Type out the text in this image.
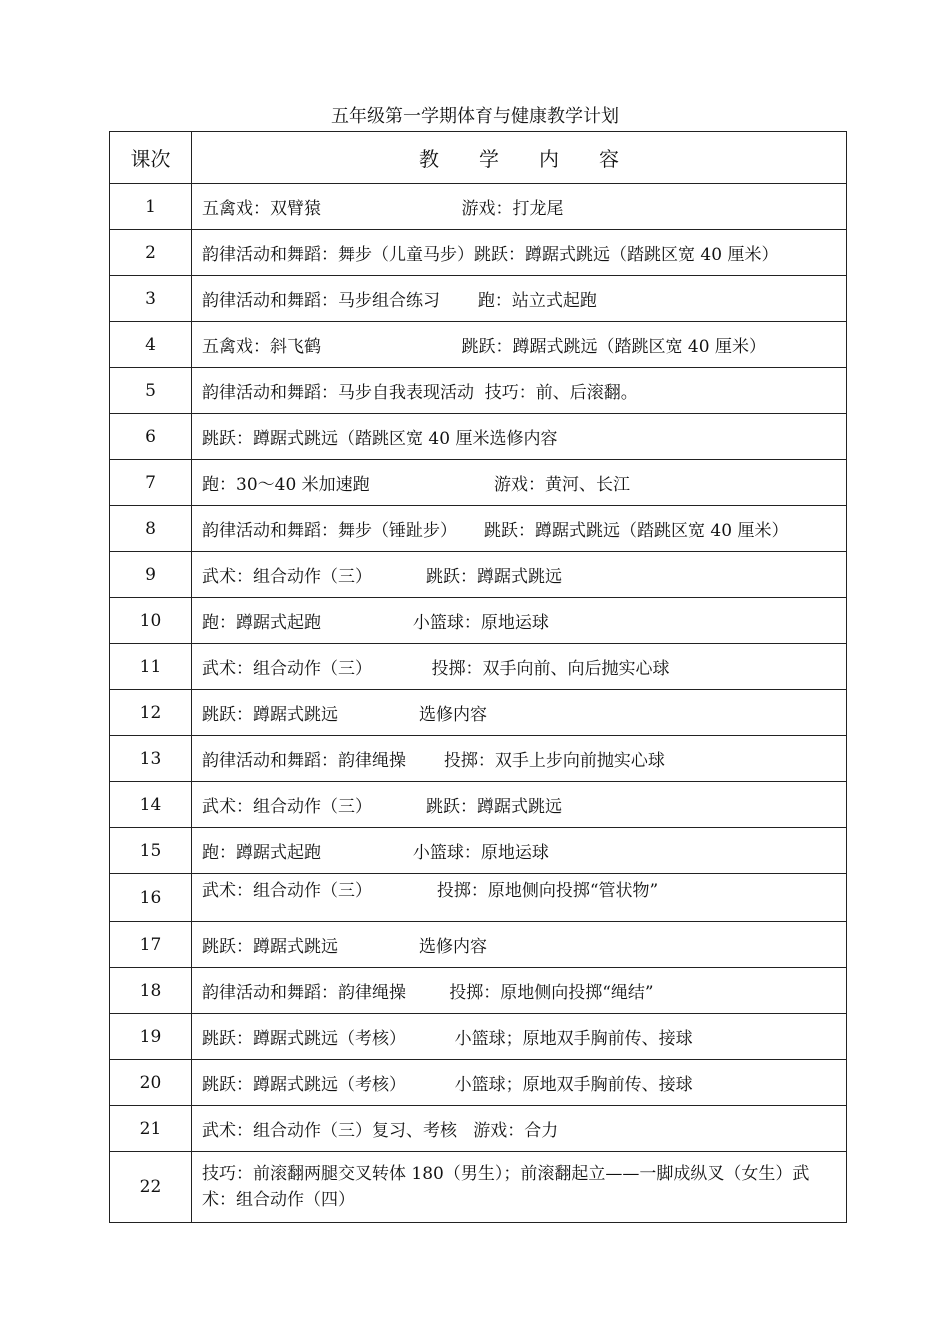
五年级第一学期体育与健康教学计划
课次	教 学 内 容
1	五禽戏：双臂猿                          游戏：打龙尾
2	韵律活动和舞蹈：舞步（儿童马步）跳跃：蹲踞式跳远（踏跳区宽 40 厘米）
3	韵律活动和舞蹈：马步组合练习       跑：站立式起跑
4	五禽戏：斜飞鹤                          跳跃：蹲踞式跳远（踏跳区宽 40 厘米）
5	韵律活动和舞蹈：马步自我表现活动  技巧：前、后滚翻。
6	跳跃：蹲踞式跳远（踏跳区宽 40 厘米选修内容
7	跑：30～40 米加速跑                       游戏：黄河、长江
8	韵律活动和舞蹈：舞步（锤趾步）     跳跃：蹲踞式跳远（踏跳区宽 40 厘米）
9	武术：组合动作（三）          跳跃：蹲踞式跳远
10	跑：蹲踞式起跑                 小篮球：原地运球
11	武术：组合动作（三）           投掷：双手向前、向后抛实心球
12	跳跃：蹲踞式跳远               选修内容
13	韵律活动和舞蹈：韵律绳操       投掷：双手上步向前抛实心球
14	武术：组合动作（三）          跳跃：蹲踞式跳远
15	跑：蹲踞式起跑                 小篮球：原地运球
16	武术：组合动作（三）            投掷：原地侧向投掷“管状物”
17	跳跃：蹲踞式跳远               选修内容
18	韵律活动和舞蹈：韵律绳操        投掷：原地侧向投掷“绳结”
19	跳跃：蹲踞式跳远（考核）         小篮球；原地双手胸前传、接球
20	跳跃：蹲踞式跳远（考核）         小篮球；原地双手胸前传、接球
21	武术：组合动作（三）复习、考核   游戏：合力
22	技巧：前滚翻两腿交叉转体 180（男生）；前滚翻起立——一脚成纵叉（女生）武术：组合动作（四）
